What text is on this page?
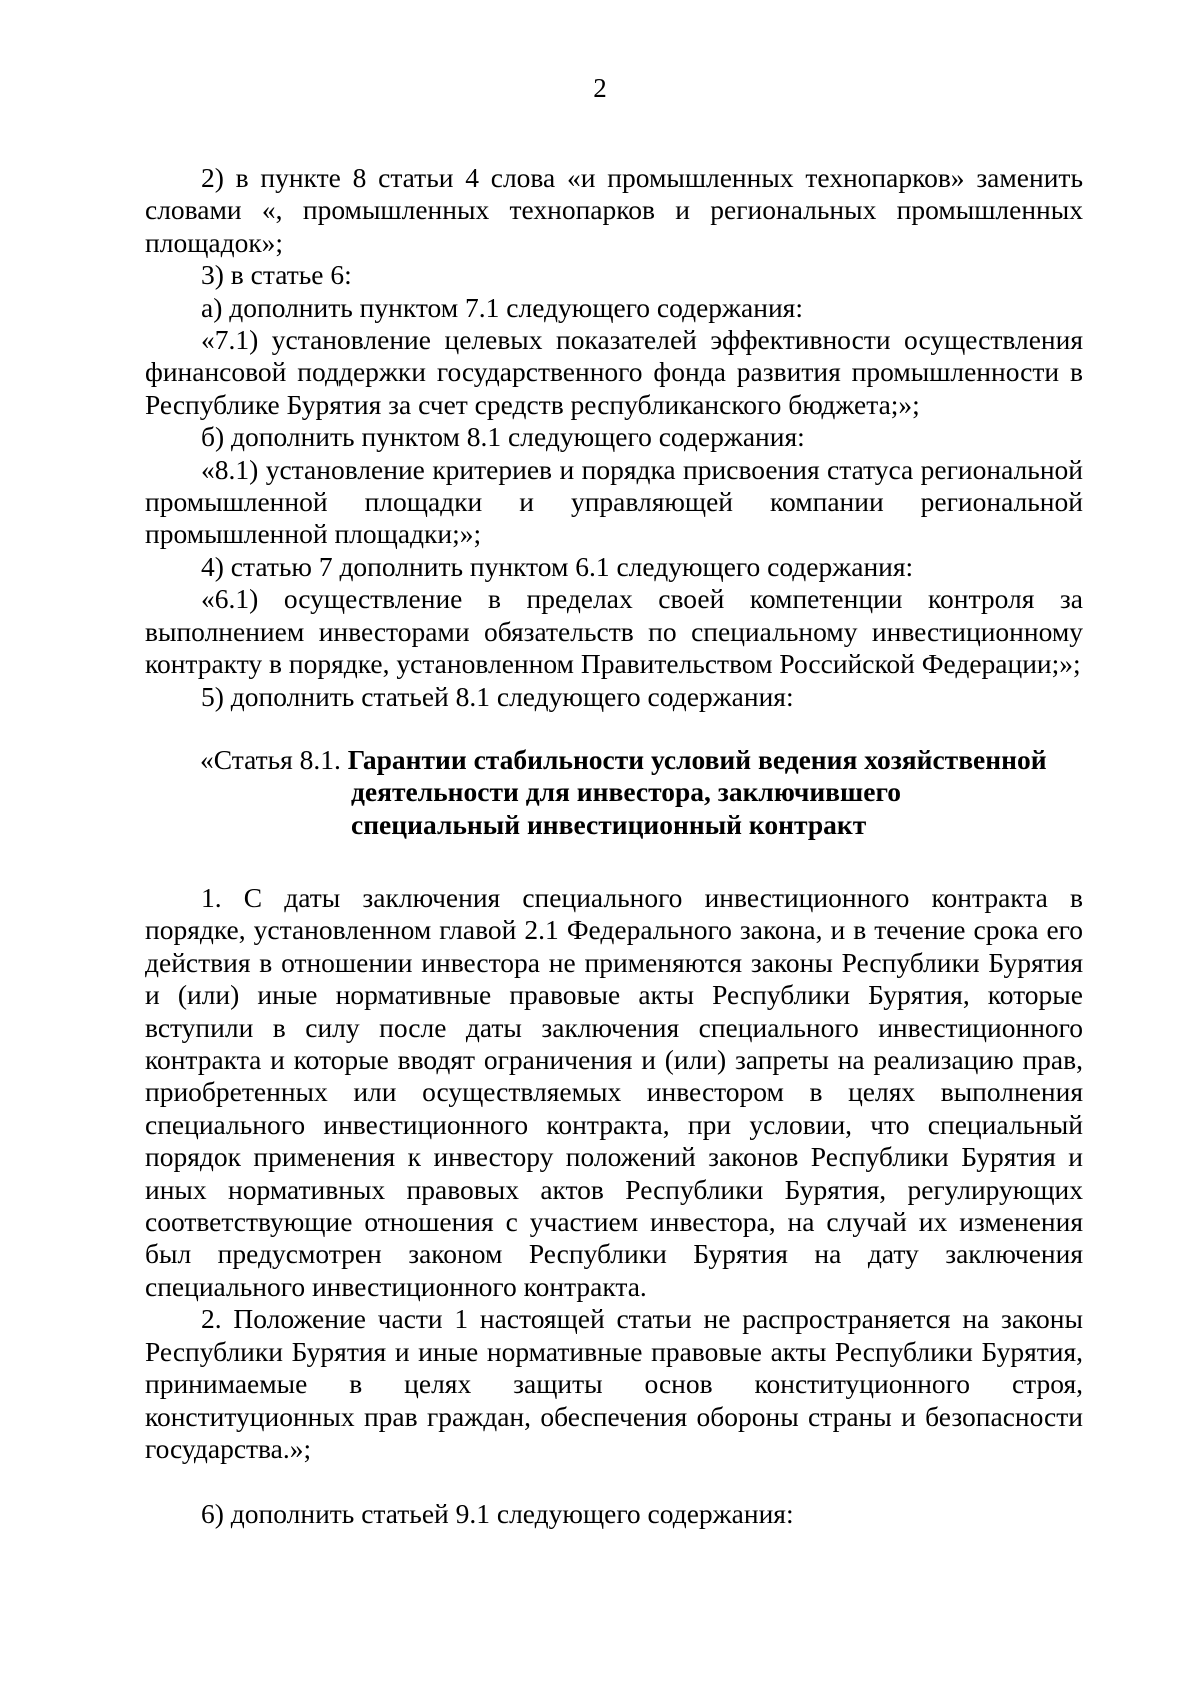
2

2) в пункте 8 статьи 4 слова «и промышленных технопарков» заменить словами «, промышленных технопарков и региональных промышленных площадок»;

3) в статье 6:

а) дополнить пунктом 7.1 следующего содержания:

«7.1) установление целевых показателей эффективности осуществления финансовой поддержки государственного фонда развития промышленности в Республике Бурятия за счет средств республиканского бюджета;»;

б) дополнить пунктом 8.1 следующего содержания:

«8.1) установление критериев и порядка присвоения статуса региональной промышленной площадки и управляющей компании региональной промышленной площадки;»;

4) статью 7 дополнить пунктом 6.1 следующего содержания:

«6.1) осуществление в пределах своей компетенции контроля за выполнением инвесторами обязательств по специальному инвестиционному контракту в порядке, установленном Правительством Российской Федерации;»;

5) дополнить статьей 8.1 следующего содержания:

«Статья 8.1. Гарантии стабильности условий ведения хозяйственной
деятельности для инвестора, заключившего
специальный инвестиционный контракт

1. С даты заключения специального инвестиционного контракта в порядке, установленном главой 2.1 Федерального закона, и в течение срока его действия в отношении инвестора не применяются законы Республики Бурятия и (или) иные нормативные правовые акты Республики Бурятия, которые вступили в силу после даты заключения специального инвестиционного контракта и которые вводят ограничения и (или) запреты на реализацию прав, приобретенных или осуществляемых инвестором в целях выполнения специального инвестиционного контракта, при условии, что специальный порядок применения к инвестору положений законов Республики Бурятия и иных нормативных правовых актов Республики Бурятия, регулирующих соответствующие отношения с участием инвестора, на случай их изменения был предусмотрен законом Республики Бурятия на дату заключения специального инвестиционного контракта.

2. Положение части 1 настоящей статьи не распространяется на законы Республики Бурятия и иные нормативные правовые акты Республики Бурятия, принимаемые в целях защиты основ конституционного строя, конституционных прав граждан, обеспечения обороны страны и безопасности государства.»;

6) дополнить статьей 9.1 следующего содержания:
